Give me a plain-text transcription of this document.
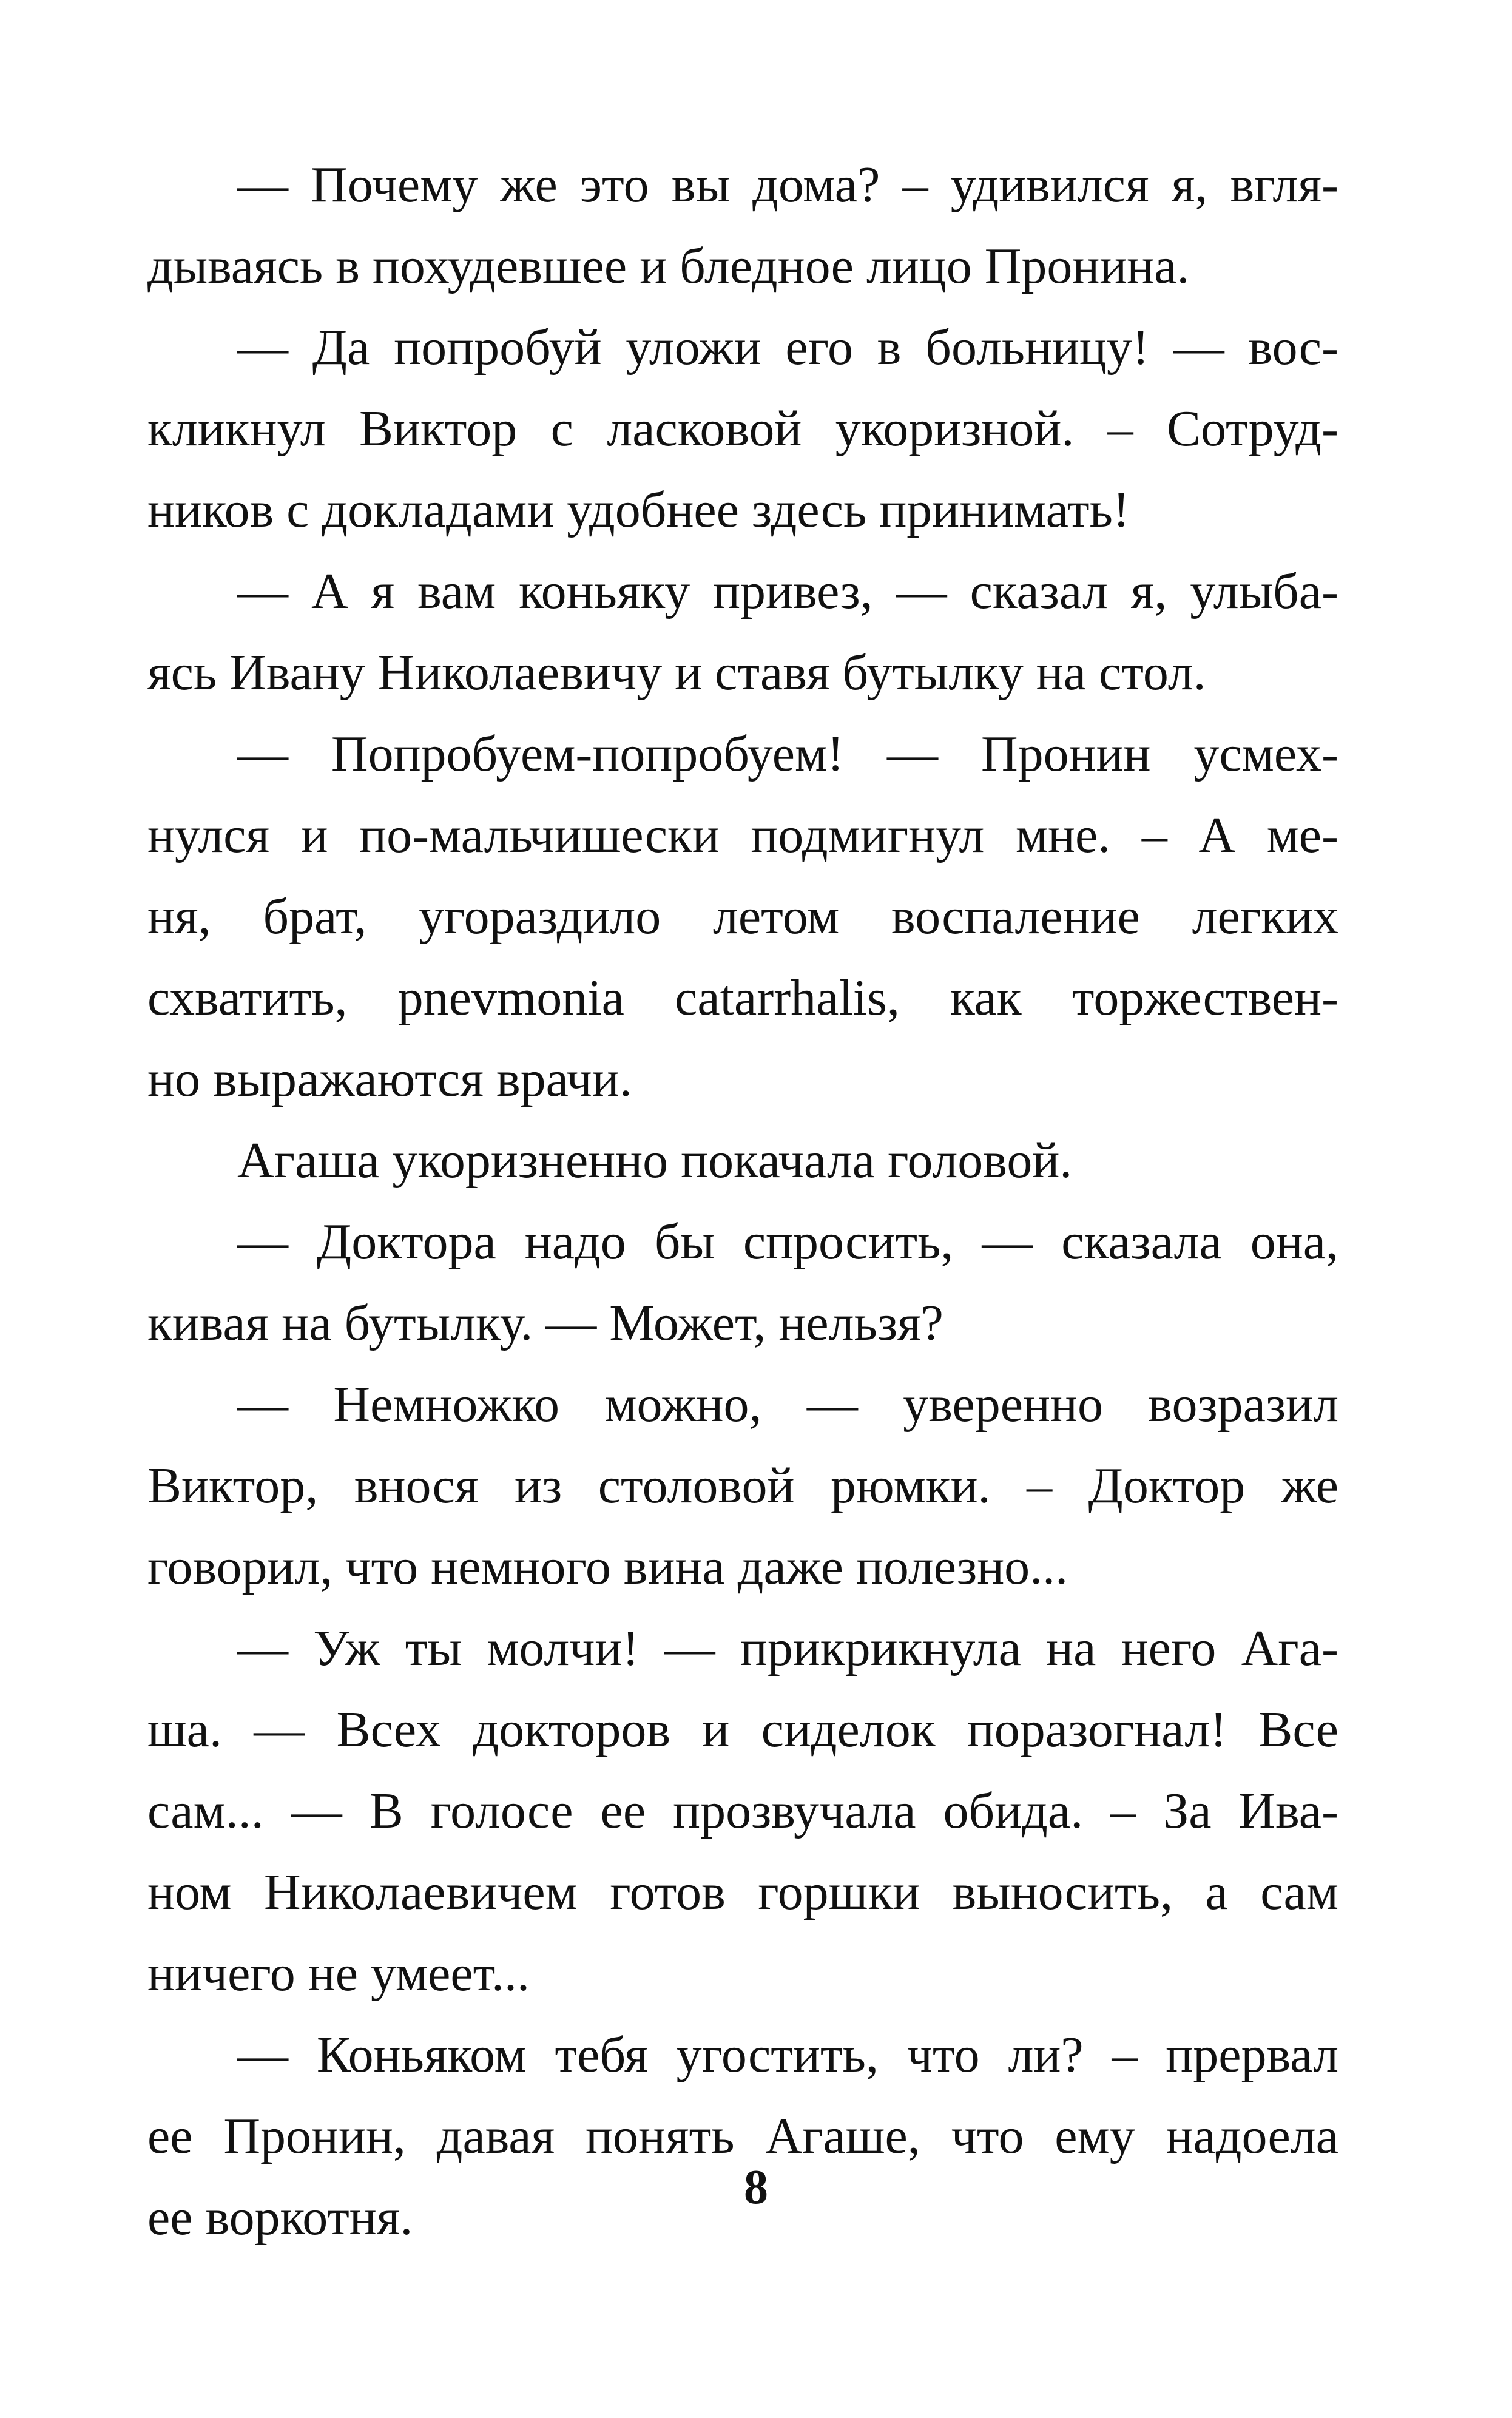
— Почему же это вы дома? – удивился я, вгля-
дываясь в похудевшее и бледное лицо Пронина.
— Да попробуй уложи его в больницу! — вос-
кликнул Виктор с ласковой укоризной. – Сотруд-
ников с докладами удобнее здесь принимать!
— А я вам коньяку привез, — сказал я, улыба-
ясь Ивану Николаевичу и ставя бутылку на стол.
— Попробуем-попробуем! — Пронин усмех-
нулся и по-мальчишески подмигнул мне. – А ме-
ня, брат, угораздило летом воспаление легких
схватить, pnevmonia catarrhalis, как торжествен-
но выражаются врачи.
Агаша укоризненно покачала головой.
— Доктора надо бы спросить, — сказала она,
кивая на бутылку. — Может, нельзя?
— Немножко можно, — уверенно возразил
Виктор, внося из столовой рюмки. – Доктор же
говорил, что немного вина даже полезно...
— Уж ты молчи! — прикрикнула на него Ага-
ша. — Всех докторов и сиделок поразогнал! Все
сам... — В голосе ее прозвучала обида. – За Ива-
ном Николаевичем готов горшки выносить, а сам
ничего не умеет...
— Коньяком тебя угостить, что ли? – прервал
ее Пронин, давая понять Агаше, что ему надоела
ее воркотня.
8
